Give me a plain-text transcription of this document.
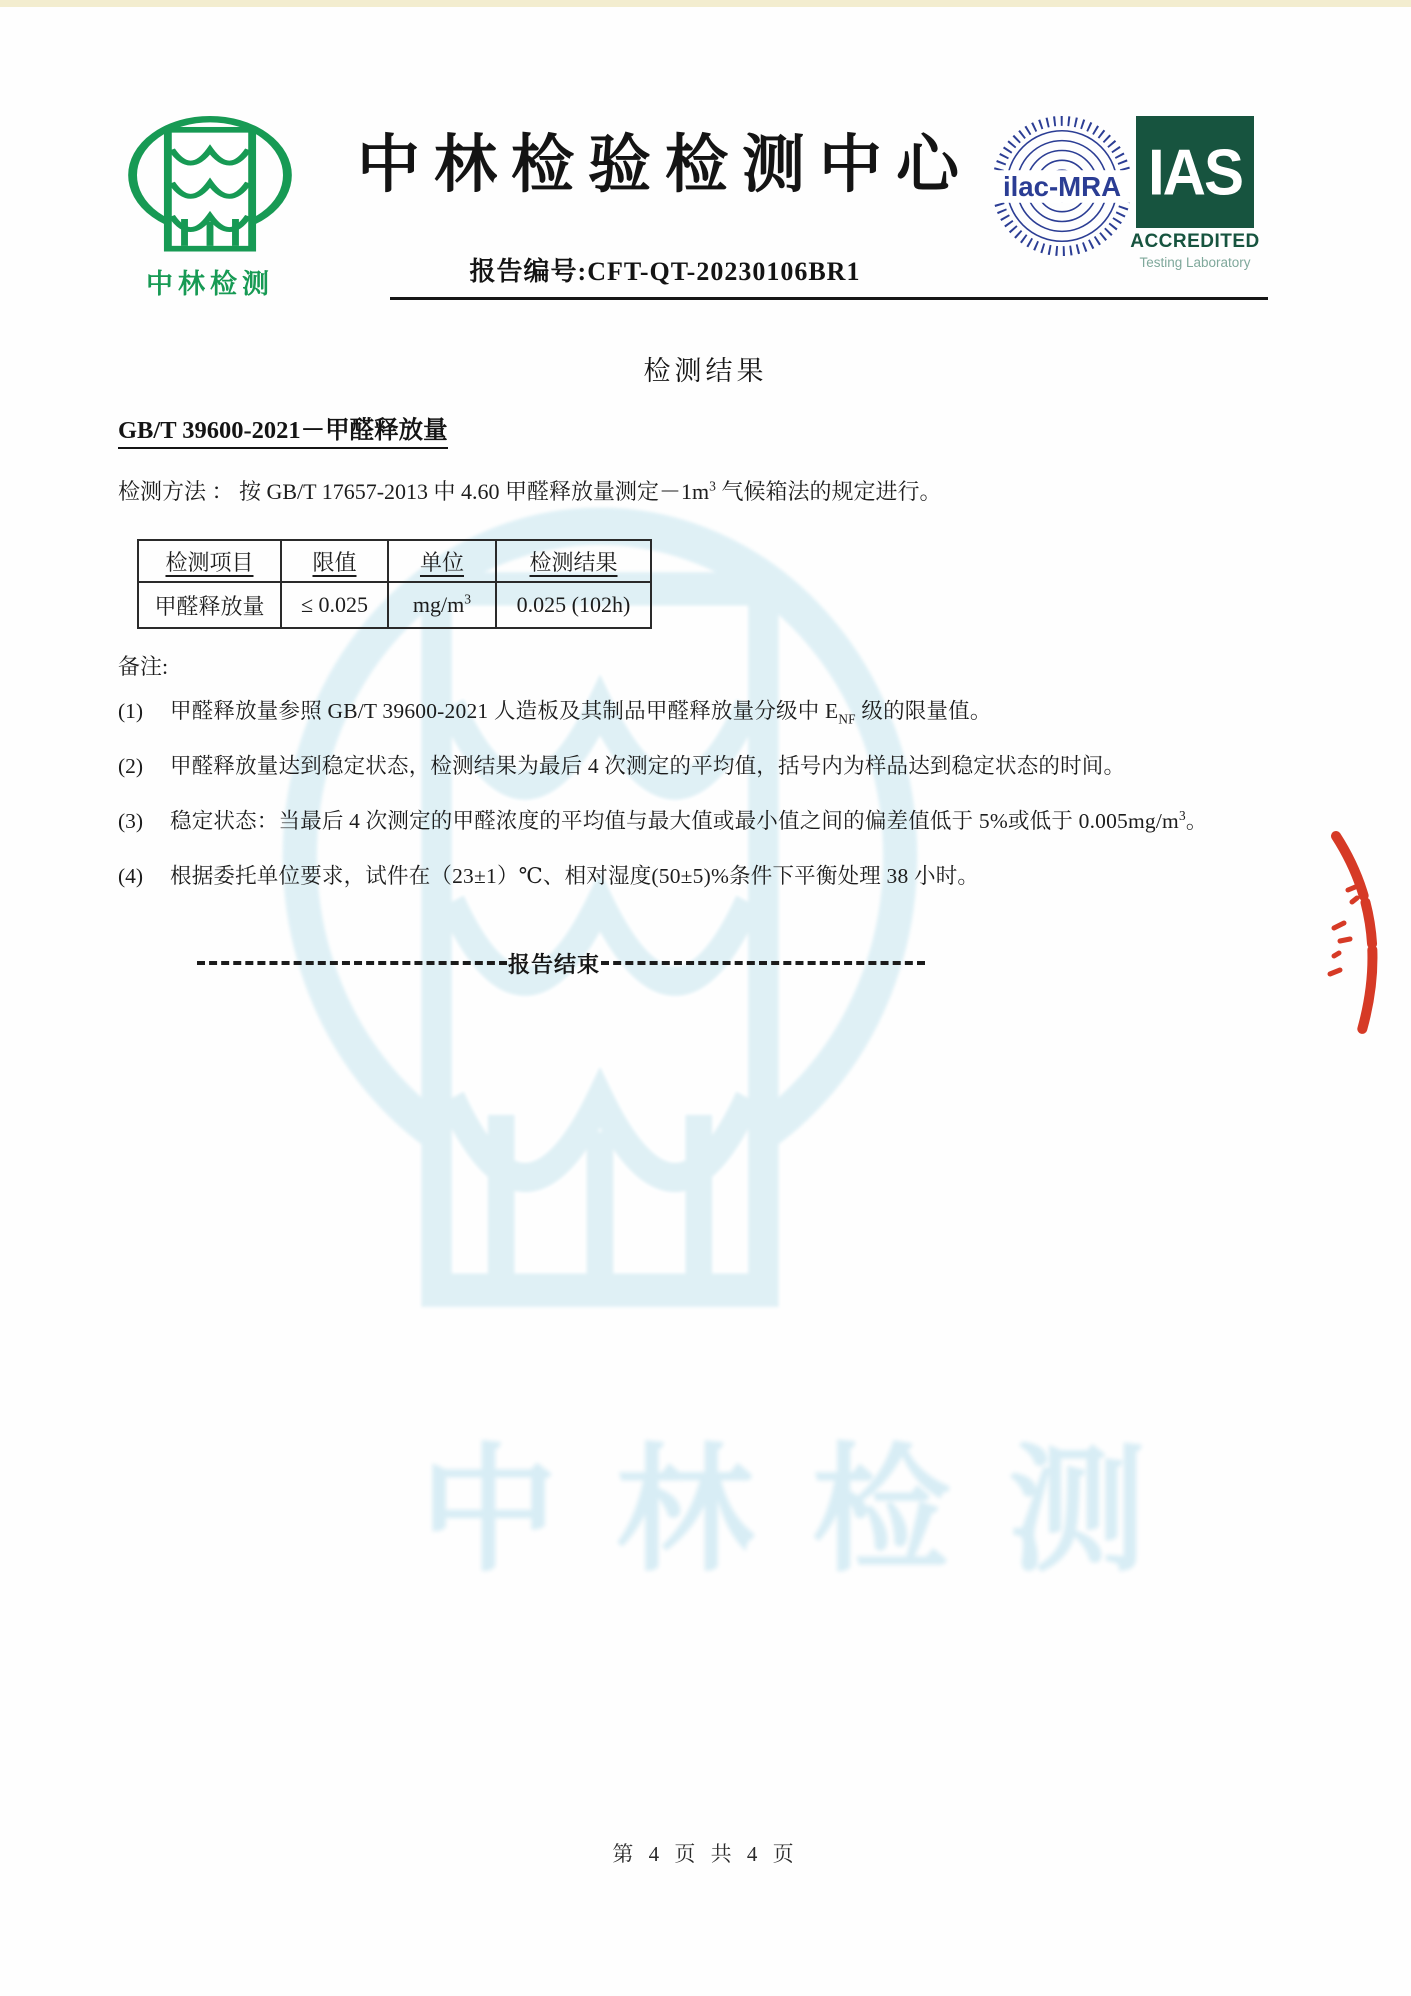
中林检测
中林检测
中林检验检测中心
报告编号:CFT-QT-20230106BR1
ilac-MRA IAS
ACCREDITED
Testing Laboratory
检测结果
GB/T 39600-2021－甲醛释放量
检测方法 ： 按 GB/T 17657-2013 中 4.60 甲醛释放量测定$-1m^3$ 气候箱法的规定进行。
检测项目	限值	单位	检测结果
甲醛释放量	≤ 0.025	$mg/m^3$	0.025 (102h)
备注:
(1)	甲醛释放量参照 GB/T 39600-2021 人造板及其制品甲醛释放量分级中 $E_{NF}$ 级的限量值。
(2)	甲醛释放量达到稳定状态，检测结果为最后 4 次测定的平均值，括号内为样品达到稳定状态的时间。
(3)	稳定状态：当最后 4 次测定的甲醛浓度的平均值与最大值或最小值之间的偏差值低于 5%或低于 $0.005mg/m^3$。
(4)	根据委托单位要求，试件在（23±1）℃、相对湿度(50±5)%条件下平衡处理 38 小时。
报告结束
第 4 页 共 4 页
